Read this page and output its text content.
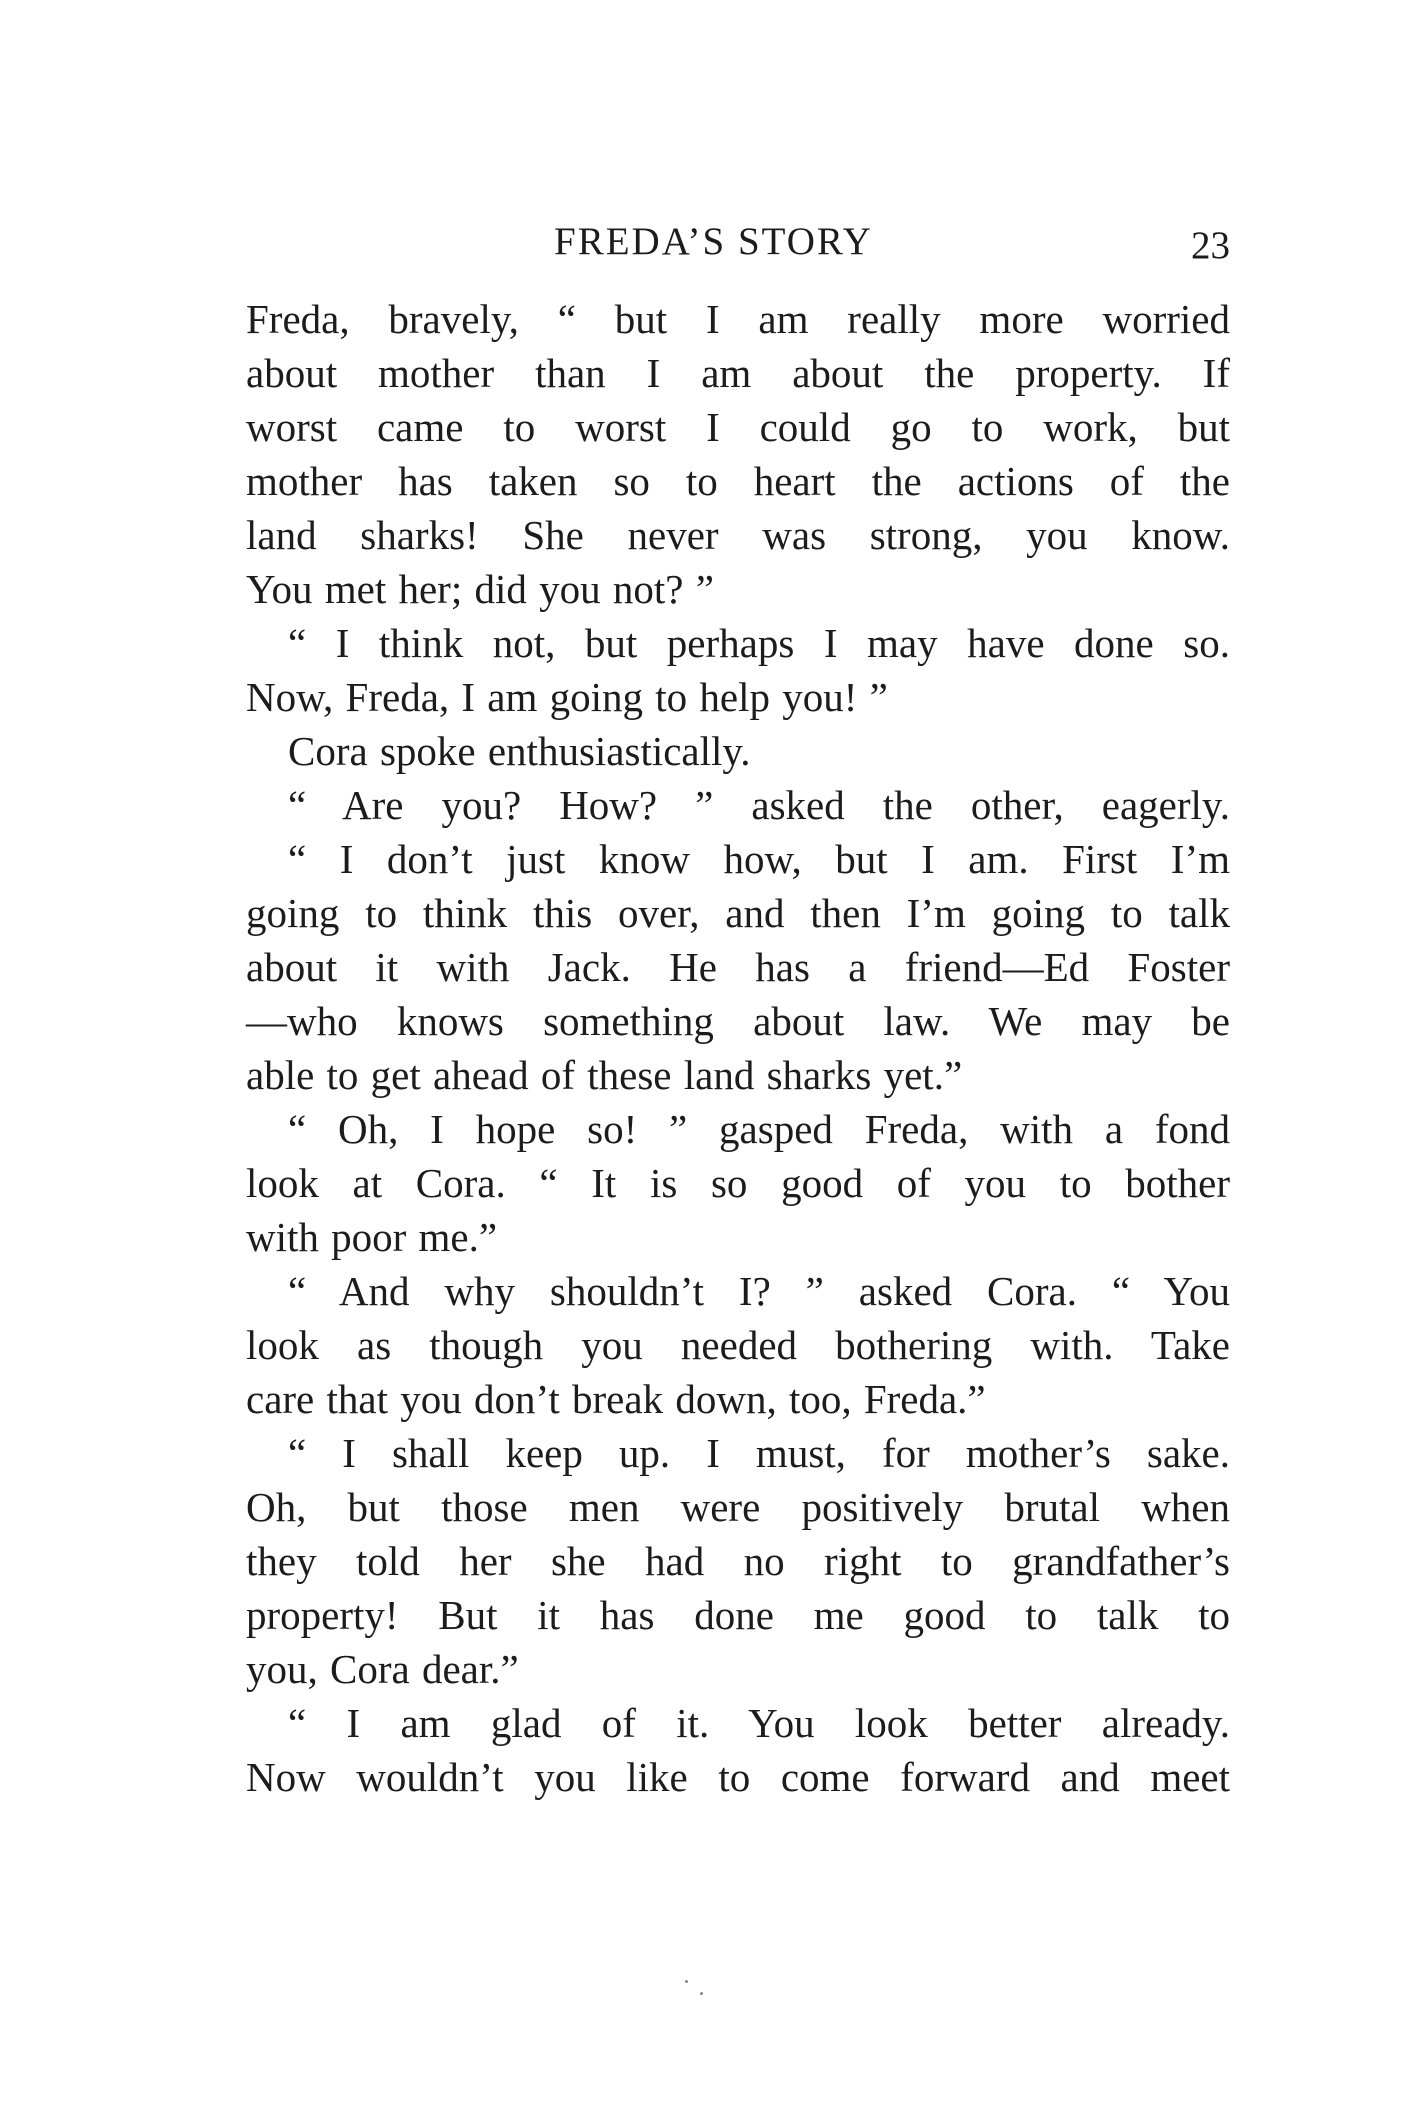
FREDA’S STORY	23
Freda, bravely, “ but I am really more worried
about mother than I am about the property. If
worst came to worst I could go to work, but
mother has taken so to heart the actions of the
land sharks! She never was strong, you know.
You met her; did you not? ”
“ I think not, but perhaps I may have done so.
Now, Freda, I am going to help you! ”
Cora spoke enthusiastically.
“ Are you? How? ” asked the other, eagerly.
“ I don’t just know how, but I am. First I’m
going to think this over, and then I’m going to talk
about it with Jack. He has a friend—Ed Foster
—who knows something about law. We may be
able to get ahead of these land sharks yet.”
“ Oh, I hope so! ” gasped Freda, with a fond
look at Cora. “ It is so good of you to bother
with poor me.”
“ And why shouldn’t I? ” asked Cora. “ You
look as though you needed bothering with. Take
care that you don’t break down, too, Freda.”
“ I shall keep up. I must, for mother’s sake.
Oh, but those men were positively brutal when
they told her she had no right to grandfather’s
property! But it has done me good to talk to
you, Cora dear.”
“ I am glad of it. You look better already.
Now wouldn’t you like to come forward and meet
